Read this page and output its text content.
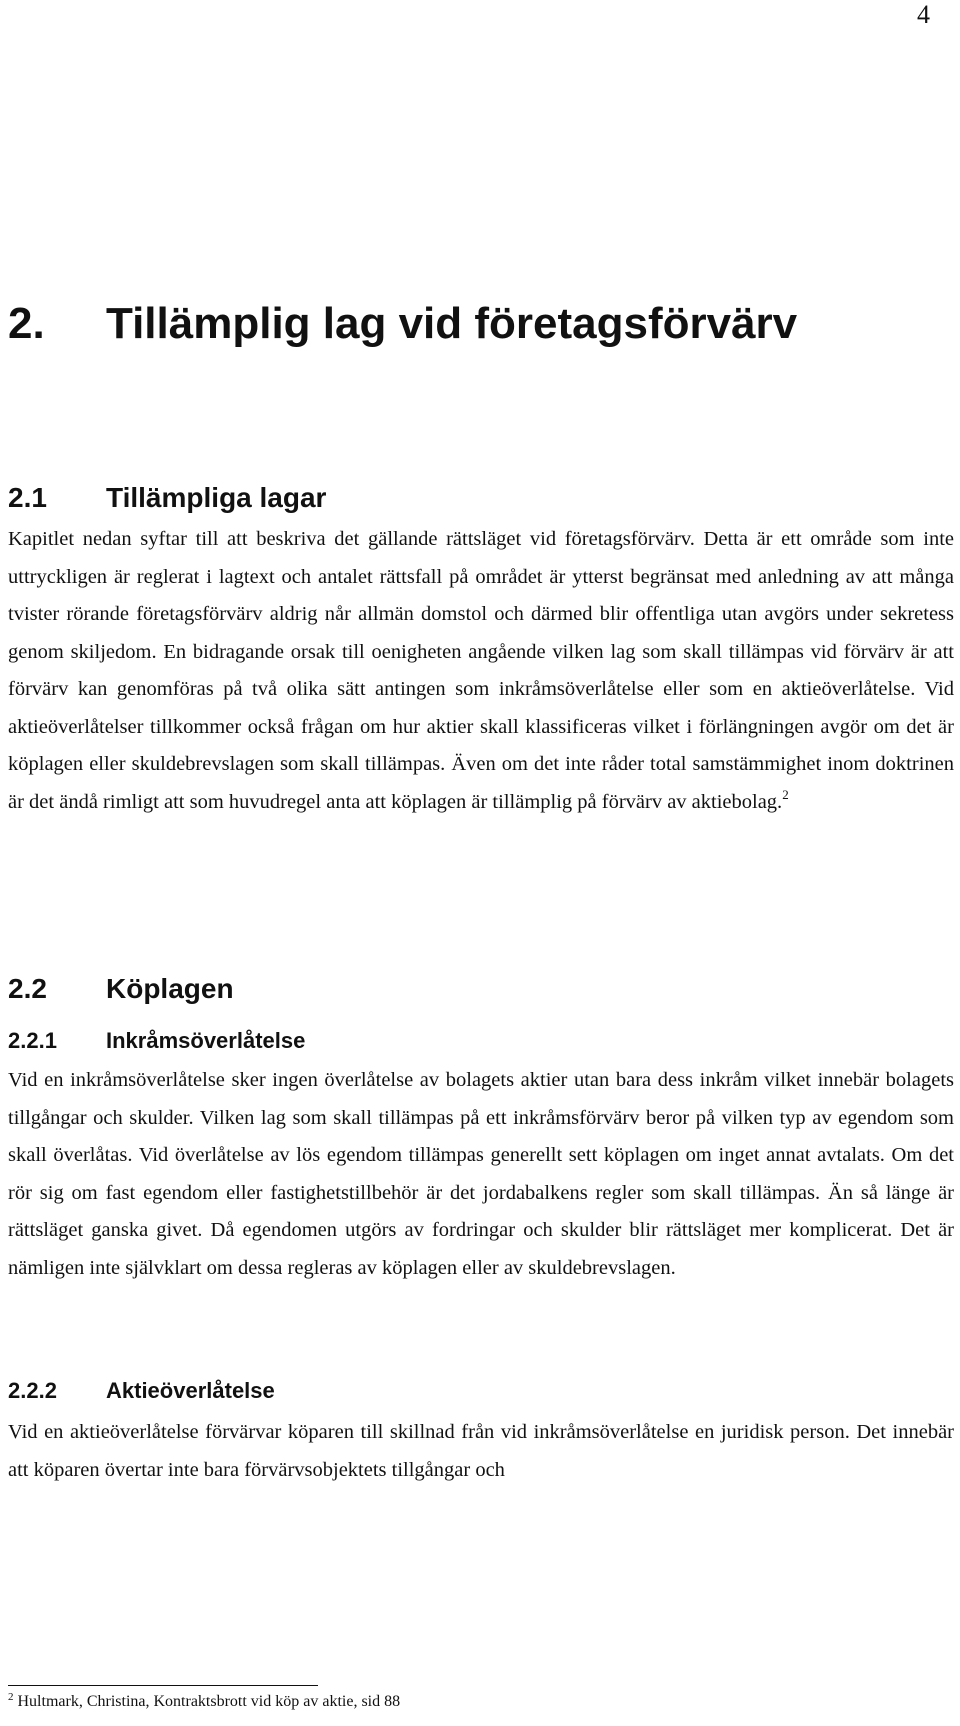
4
2. Tillämplig lag vid företagsförvärv
2.1 Tillämpliga lagar

Kapitlet nedan syftar till att beskriva det gällande rättsläget vid företagsförvärv. Detta är ett område som inte uttryckligen är reglerat i lagtext och antalet rättsfall på området är ytterst begränsat med anledning av att många tvister rörande företagsförvärv aldrig når allmän domstol och därmed blir offentliga utan avgörs under sekretess genom skiljedom. En bidragande orsak till oenigheten angående vilken lag som skall tillämpas vid förvärv är att förvärv kan genomföras på två olika sätt antingen som inkråmsöverlåtelse eller som en aktieöverlåtelse. Vid aktieöverlåtelser tillkommer också frågan om hur aktier skall klassificeras vilket i förlängningen avgör om det är köplagen eller skuldebrevslagen som skall tillämpas. Även om det inte råder total samstämmighet inom doktrinen är det ändå rimligt att som huvudregel anta att köplagen är tillämplig på förvärv av aktiebolag.$^2$

2.2 Köplagen
2.2.1 Inkråmsöverlåtelse

Vid en inkråmsöverlåtelse sker ingen överlåtelse av bolagets aktier utan bara dess inkråm vilket innebär bolagets tillgångar och skulder. Vilken lag som skall tillämpas på ett inkråmsförvärv beror på vilken typ av egendom som skall överlåtas. Vid överlåtelse av lös egendom tillämpas generellt sett köplagen om inget annat avtalats. Om det rör sig om fast egendom eller fastighetstillbehör är det jordabalkens regler som skall tillämpas. Än så länge är rättsläget ganska givet. Då egendomen utgörs av fordringar och skulder blir rättsläget mer komplicerat. Det är nämligen inte självklart om dessa regleras av köplagen eller av skuldebrevslagen.

2.2.2 Aktieöverlåtelse

Vid en aktieöverlåtelse förvärvar köparen till skillnad från vid inkråmsöverlåtelse en juridisk person. Det innebär att köparen övertar inte bara förvärvsobjektets tillgångar och

$^2$ Hultmark, Christina, Kontraktsbrott vid köp av aktie, sid 88
